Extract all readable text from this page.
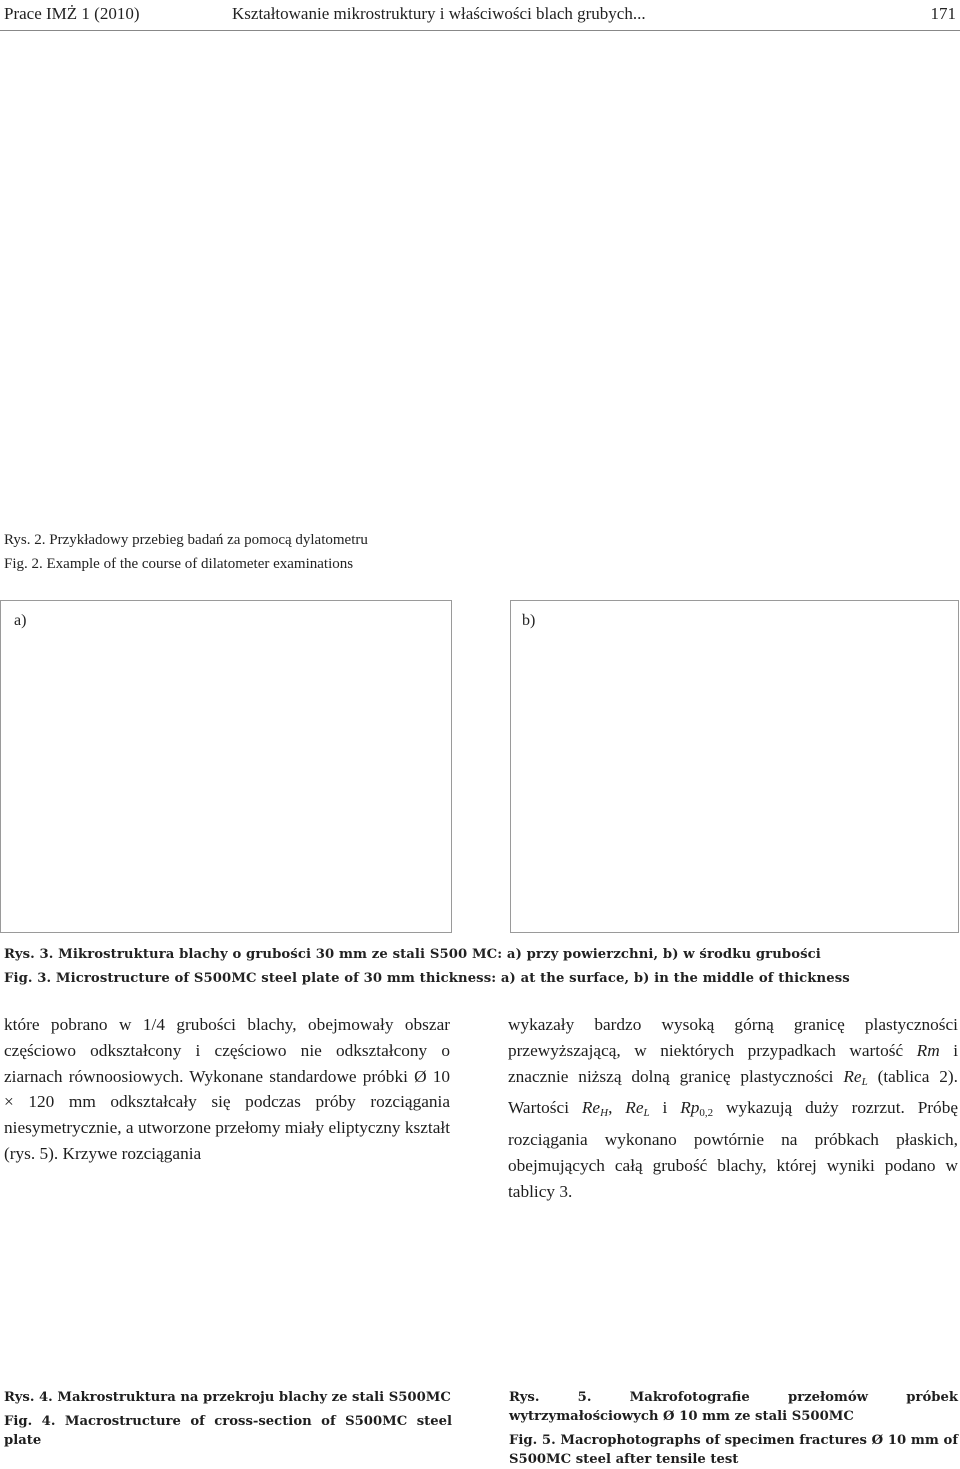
Prace IMŻ 1 (2010)	Kształtowanie mikrostruktury i właściwości blach grubych...	171
Rys. 2. Przykładowy przebieg badań za pomocą dylatometru
Fig. 2. Example of the course of dilatometer examinations
a)	b)
Rys. 3. Mikrostruktura blachy o grubości 30 mm ze stali S500 MC: a) przy powierzchni, b) w środku grubości
Fig. 3. Microstructure of S500MC steel plate of 30 mm thickness: a) at the surface, b) in the middle of thickness

które pobrano w 1/4 grubości blachy, obejmowały obszar częściowo odkształcony i częściowo nie odkształcony o ziarnach równoosiowych. Wykonane standardowe próbki Ø 10 × 120 mm odkształcały się podczas próby rozciągania niesymetrycznie, a utworzone przełomy miały eliptyczny kształt (rys. 5). Krzywe rozciągania

wykazały bardzo wysoką górną granicę plastyczności przewyższającą, w niektórych przypadkach wartość Rm i znacznie niższą dolną granicę plastyczności $Re_L$ (tablica 2). Wartości $Re_H$, $Re_L$ i Rp0,2 wykazują duży rozrzut. Próbę rozciągania wykonano powtórnie na próbkach płaskich, obejmujących całą grubość blachy, której wyniki podano w tablicy 3.

Rys. 4. Makrostruktura na przekroju blachy ze stali S500MC

Fig. 4. Macrostructure of cross-section of S500MC steel plate

Rys. 5. Makrofotografie przełomów próbek wytrzymałościowych Ø 10 mm ze stali S500MC

Fig. 5. Macrophotographs of specimen fractures Ø 10 mm of S500MC steel after tensile test
